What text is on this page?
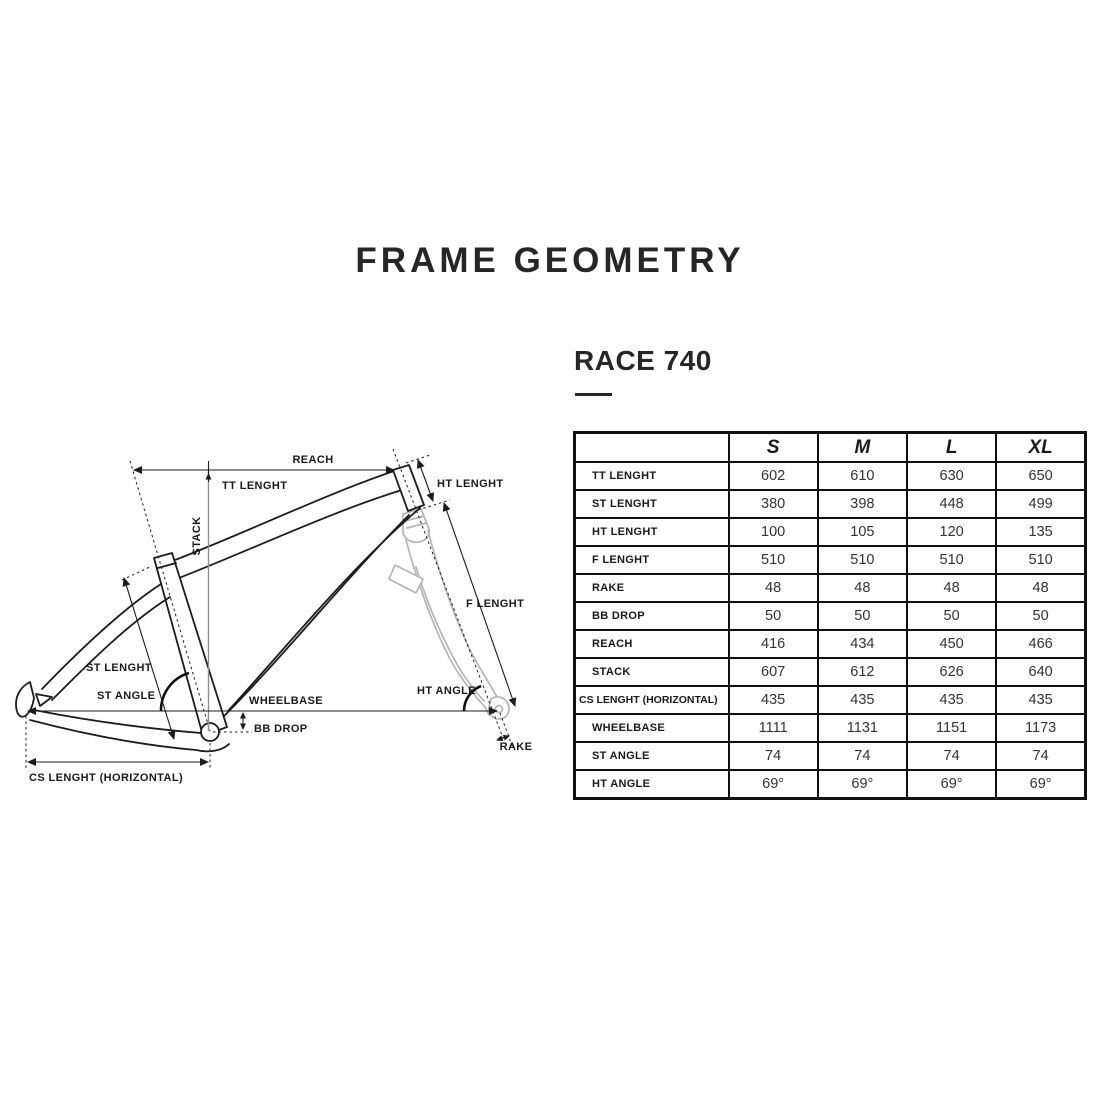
FRAME GEOMETRY
RACE 740
REACH
TT LENGHT	HT LENGHT
STACK
ST LENGHT
ST ANGLE	WHEELBASE
BB DROP
CS LENGHT (HORIZONTAL)
F LENGHT
HT ANGLE
RAKE
	S	M	L	XL
TT LENGHT	602	610	630	650
ST LENGHT	380	398	448	499
HT LENGHT	100	105	120	135
F LENGHT	510	510	510	510
RAKE	48	48	48	48
BB DROP	50	50	50	50
REACH	416	434	450	466
STACK	607	612	626	640
CS LENGHT (HORIZONTAL)	435	435	435	435
WHEELBASE	1111	1131	1151	1173
ST ANGLE	74	74	74	74
HT ANGLE	69°	69°	69°	69°
